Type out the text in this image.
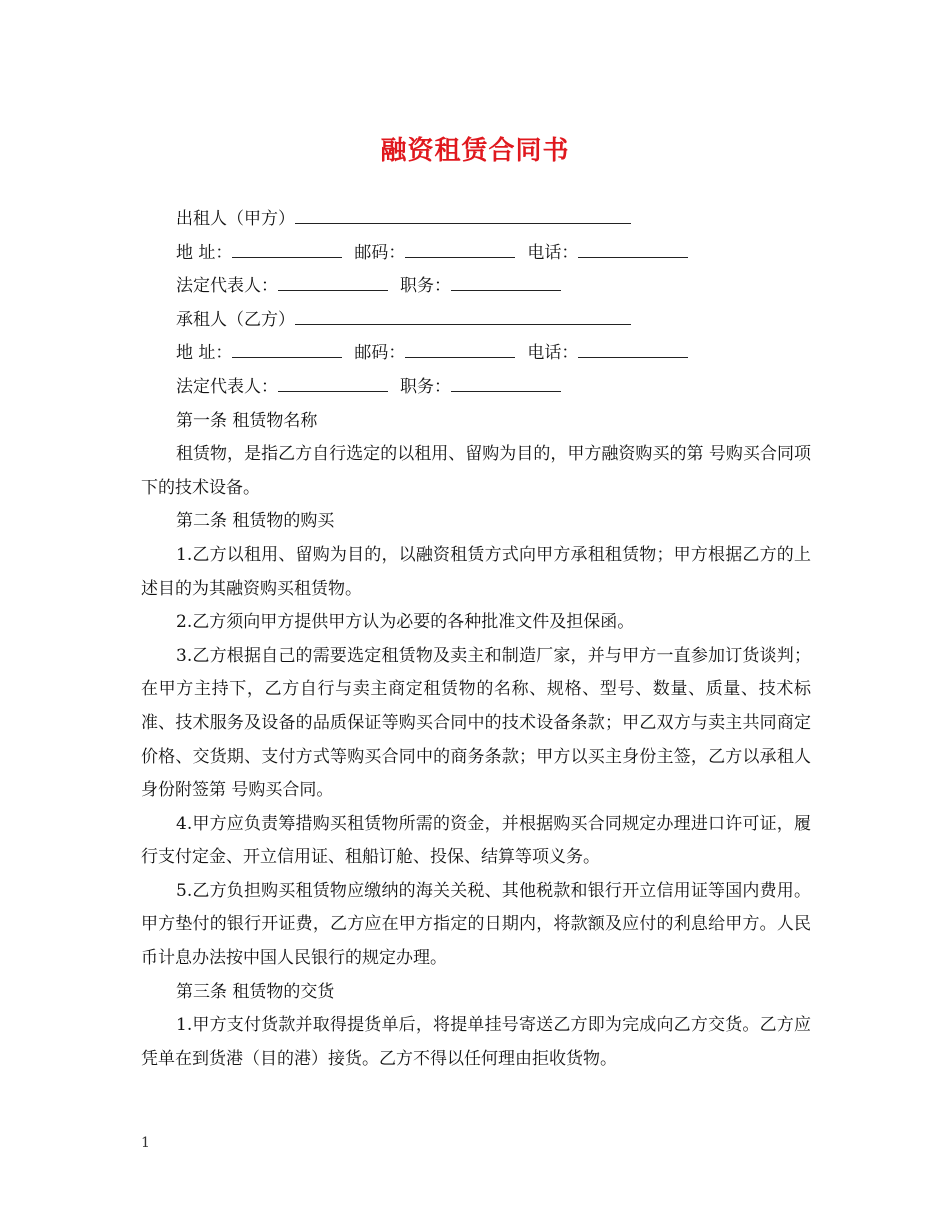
融资租赁合同书
出租人（甲方）
地 址：	邮码：	电话：
法定代表人：	职务：
承租人（乙方）
地 址：	邮码：	电话：
法定代表人：	职务：
第一条 租赁物名称
租赁物，是指乙方自行选定的以租用、留购为目的，甲方融资购买的第 号购买合同项下的技术设备。
第二条 租赁物的购买
1.乙方以租用、留购为目的，以融资租赁方式向甲方承租租赁物；甲方根据乙方的上述目的为其融资购买租赁物。
2.乙方须向甲方提供甲方认为必要的各种批准文件及担保函。
3.乙方根据自己的需要选定租赁物及卖主和制造厂家，并与甲方一直参加订货谈判；在甲方主持下，乙方自行与卖主商定租赁物的名称、规格、型号、数量、质量、技术标准、技术服务及设备的品质保证等购买合同中的技术设备条款；甲乙双方与卖主共同商定价格、交货期、支付方式等购买合同中的商务条款；甲方以买主身份主签，乙方以承租人身份附签第 号购买合同。
4.甲方应负责筹措购买租赁物所需的资金，并根据购买合同规定办理进口许可证，履行支付定金、开立信用证、租船订舱、投保、结算等项义务。
5.乙方负担购买租赁物应缴纳的海关关税、其他税款和银行开立信用证等国内费用。甲方垫付的银行开证费，乙方应在甲方指定的日期内，将款额及应付的利息给甲方。人民币计息办法按中国人民银行的规定办理。
第三条 租赁物的交货
1.甲方支付货款并取得提货单后，将提单挂号寄送乙方即为完成向乙方交货。乙方应凭单在到货港（目的港）接货。乙方不得以任何理由拒收货物。
1
